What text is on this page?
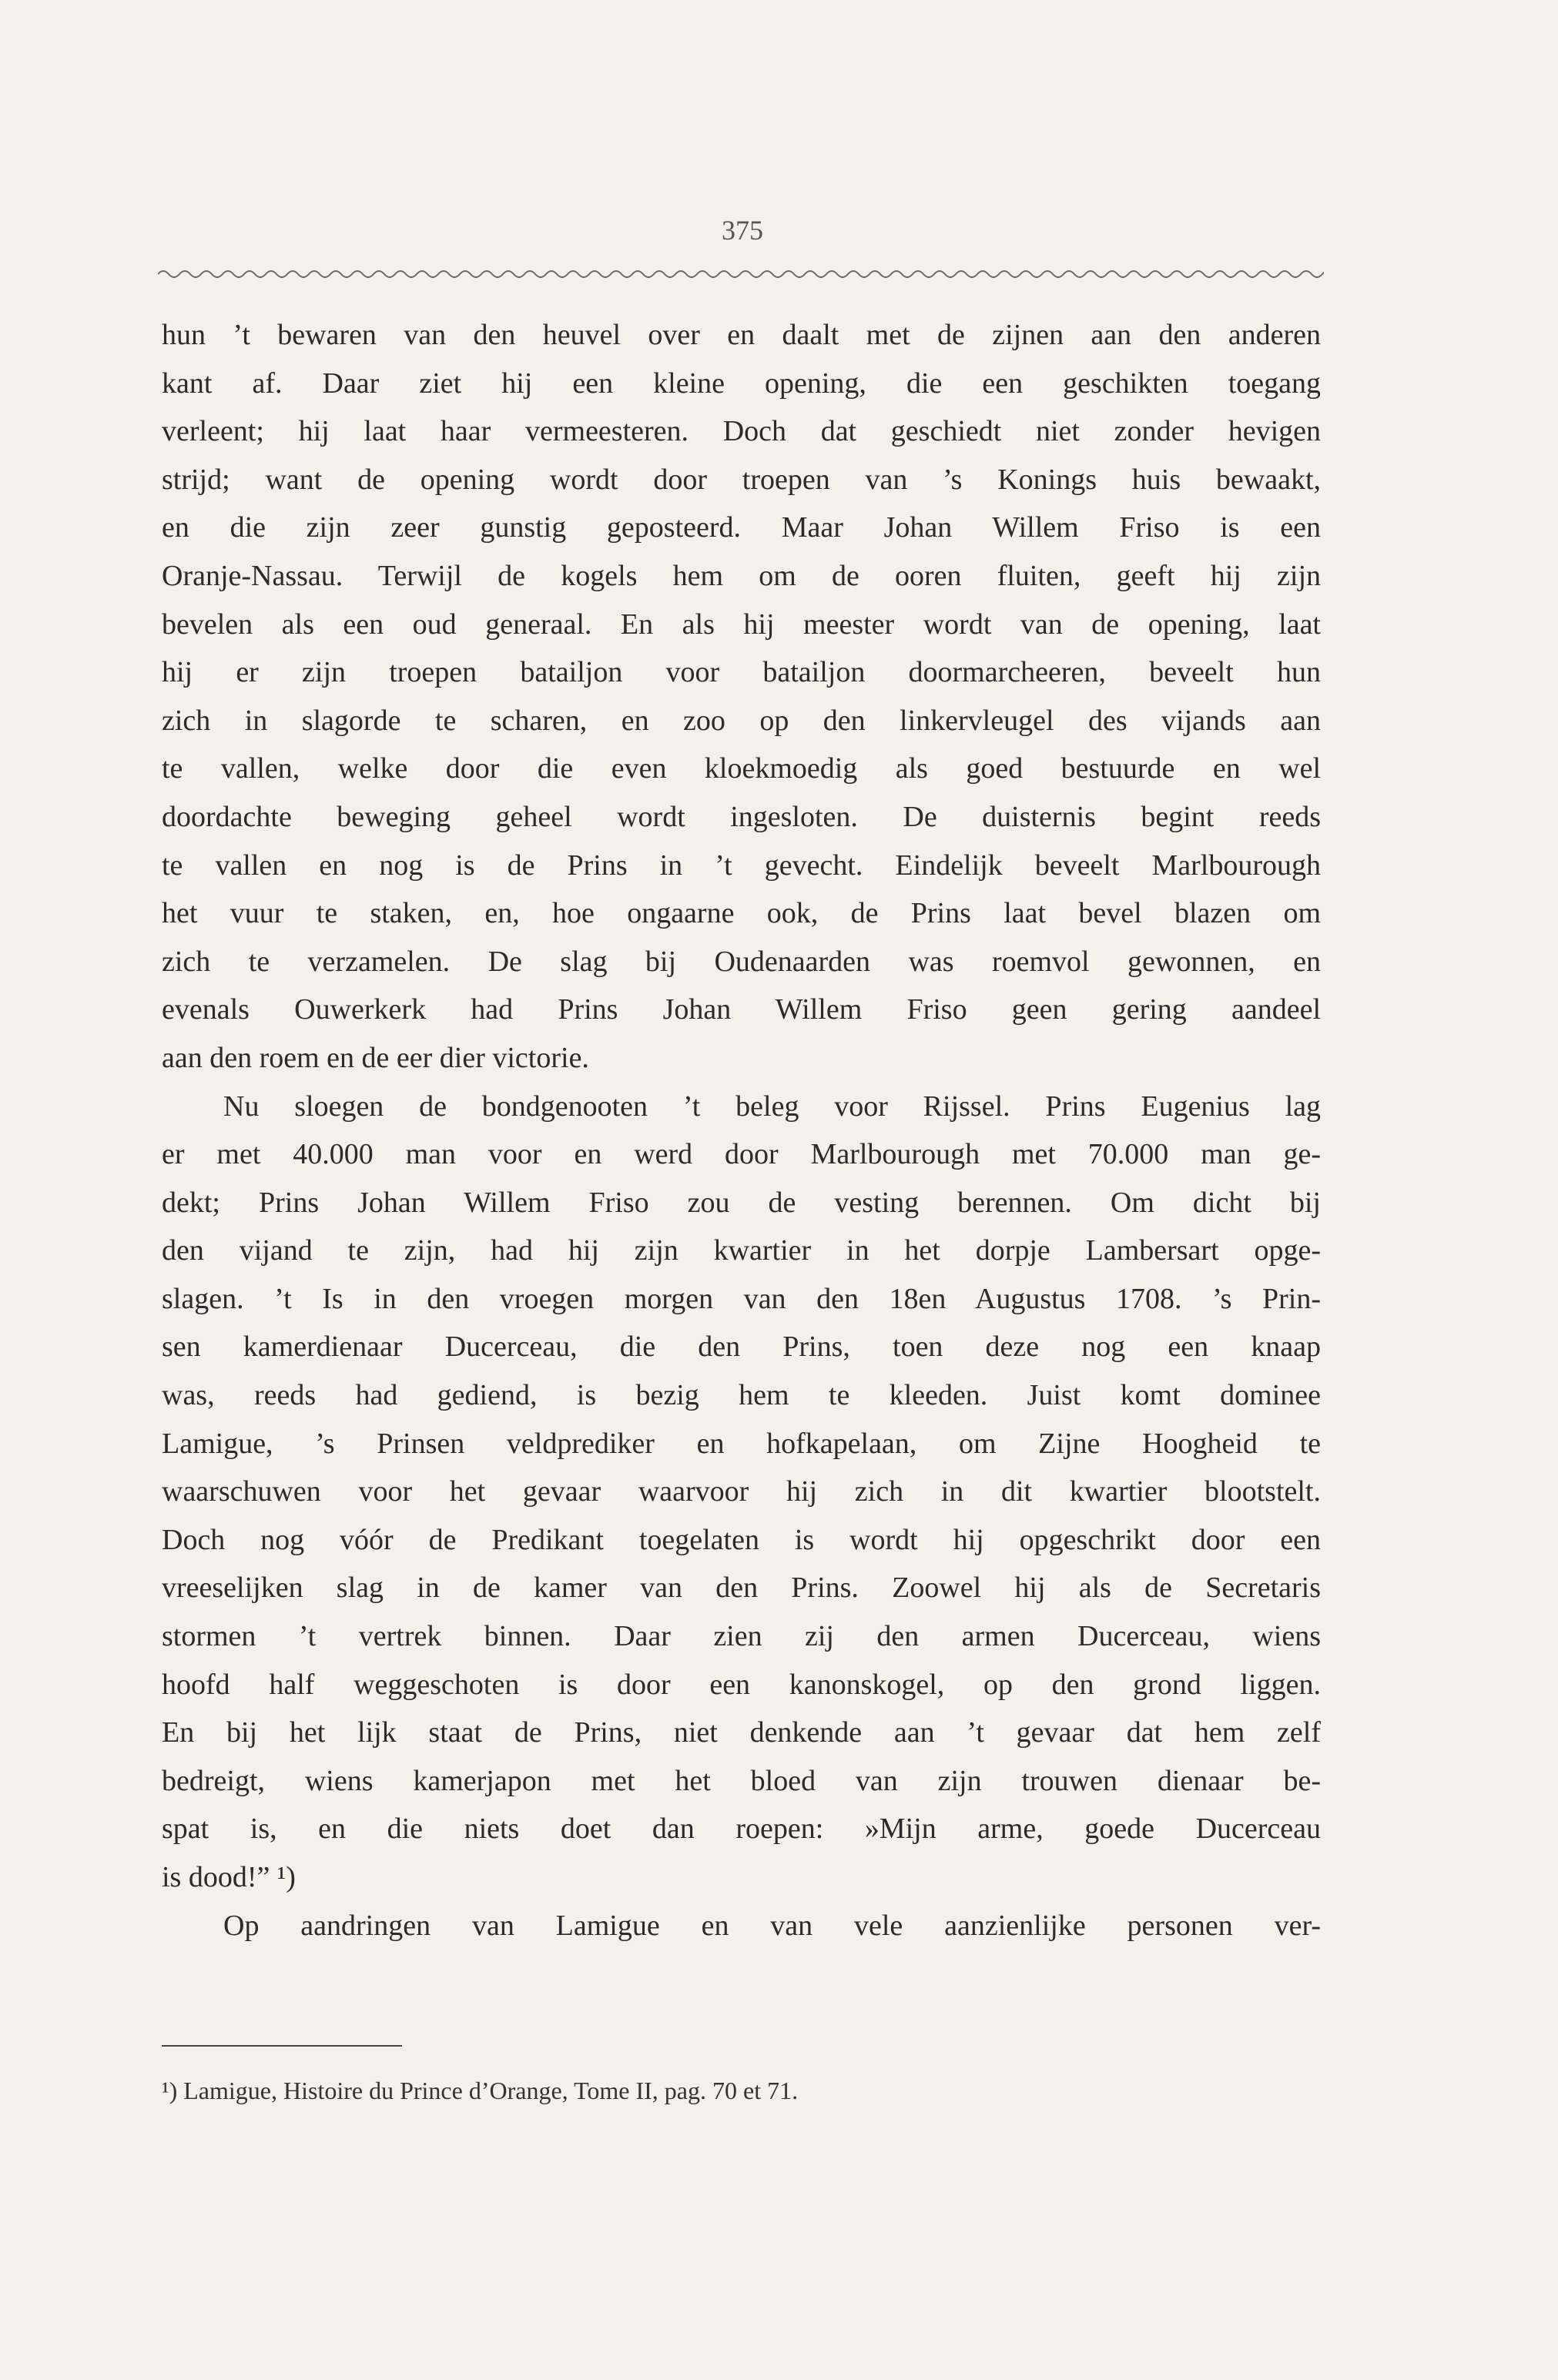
375
hun ’t bewaren van den heuvel over en daalt met de zijnen aan den anderen
kant af. Daar ziet hij een kleine opening, die een geschikten toegang
verleent; hij laat haar vermeesteren. Doch dat geschiedt niet zonder hevigen
strijd; want de opening wordt door troepen van ’s Konings huis bewaakt,
en die zijn zeer gunstig geposteerd. Maar Johan Willem Friso is een
Oranje-Nassau. Terwijl de kogels hem om de ooren fluiten, geeft hij zijn
bevelen als een oud generaal. En als hij meester wordt van de opening, laat
hij er zijn troepen batailjon voor batailjon doormarcheeren, beveelt hun
zich in slagorde te scharen, en zoo op den linkervleugel des vijands aan
te vallen, welke door die even kloekmoedig als goed bestuurde en wel
doordachte beweging geheel wordt ingesloten. De duisternis begint reeds
te vallen en nog is de Prins in ’t gevecht. Eindelijk beveelt Marlbourough
het vuur te staken, en, hoe ongaarne ook, de Prins laat bevel blazen om
zich te verzamelen. De slag bij Oudenaarden was roemvol gewonnen, en
evenals Ouwerkerk had Prins Johan Willem Friso geen gering aandeel
aan den roem en de eer dier victorie.
Nu sloegen de bondgenooten ’t beleg voor Rijssel. Prins Eugenius lag
er met 40.000 man voor en werd door Marlbourough met 70.000 man ge-
dekt; Prins Johan Willem Friso zou de vesting berennen. Om dicht bij
den vijand te zijn, had hij zijn kwartier in het dorpje Lambersart opge-
slagen. ’t Is in den vroegen morgen van den 18en Augustus 1708. ’s Prin-
sen kamerdienaar Ducerceau, die den Prins, toen deze nog een knaap
was, reeds had gediend, is bezig hem te kleeden. Juist komt dominee
Lamigue, ’s Prinsen veldprediker en hofkapelaan, om Zijne Hoogheid te
waarschuwen voor het gevaar waarvoor hij zich in dit kwartier blootstelt.
Doch nog vóór de Predikant toegelaten is wordt hij opgeschrikt door een
vreeselijken slag in de kamer van den Prins. Zoowel hij als de Secretaris
stormen ’t vertrek binnen. Daar zien zij den armen Ducerceau, wiens
hoofd half weggeschoten is door een kanonskogel, op den grond liggen.
En bij het lijk staat de Prins, niet denkende aan ’t gevaar dat hem zelf
bedreigt, wiens kamerjapon met het bloed van zijn trouwen dienaar be-
spat is, en die niets doet dan roepen: »Mijn arme, goede Ducerceau
is dood!” ¹)
Op aandringen van Lamigue en van vele aanzienlijke personen ver-
¹) Lamigue, Histoire du Prince d’Orange, Tome II, pag. 70 et 71.
